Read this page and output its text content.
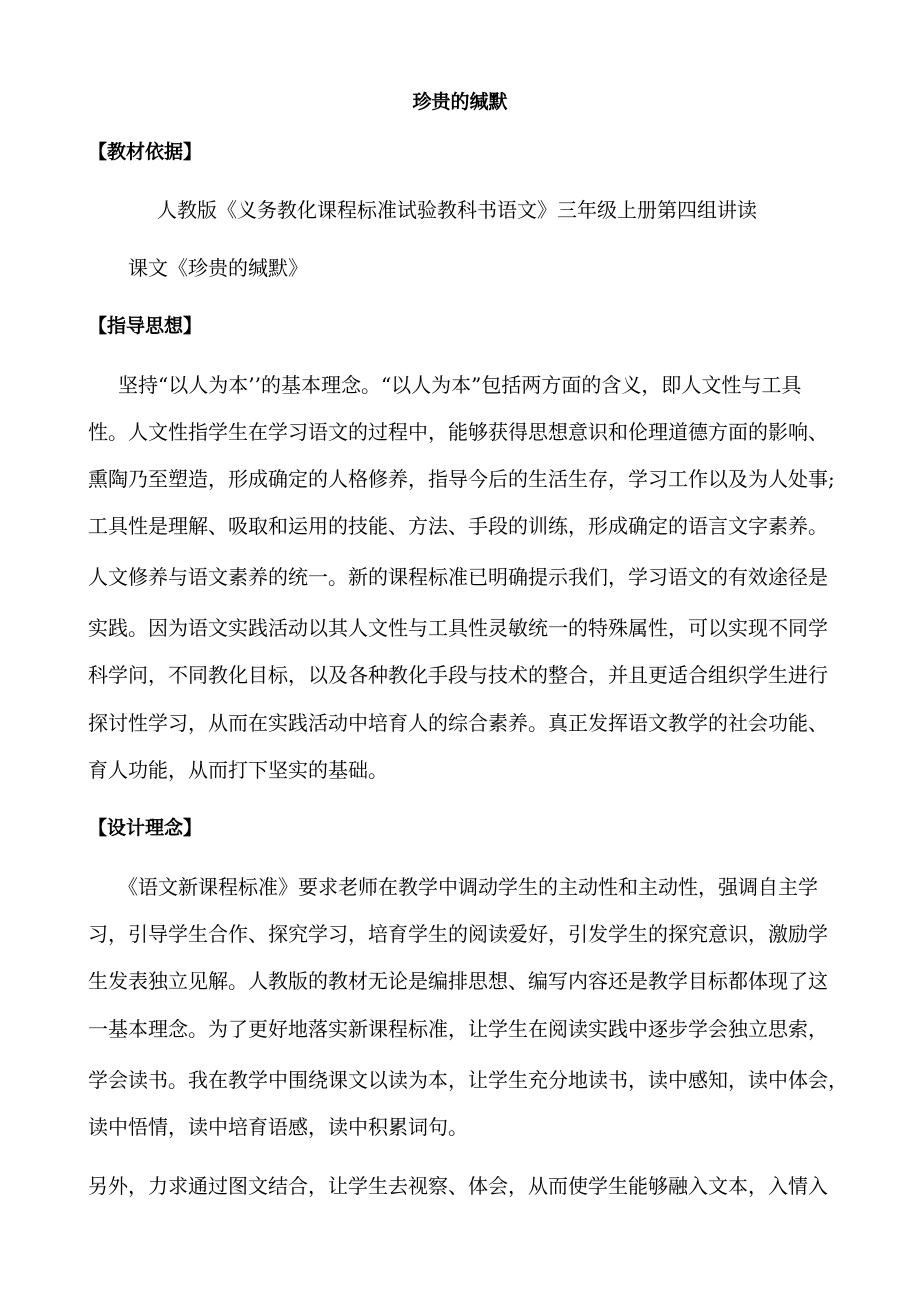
珍贵的缄默
【教材依据】

人教版《义务教化课程标准试验教科书语文》三年级上册第四组讲读

课文《珍贵的缄默》

【指导思想】

坚持“以人为本’’的基本理念。“以人为本”包括两方面的含义，即人文性与工具

性。人文性指学生在学习语文的过程中，能够获得思想意识和伦理道德方面的影响、

熏陶乃至塑造，形成确定的人格修养，指导今后的生活生存，学习工作以及为人处事;

工具性是理解、吸取和运用的技能、方法、手段的训练，形成确定的语言文字素养。

人文修养与语文素养的统一。新的课程标准已明确提示我们，学习语文的有效途径是

实践。因为语文实践活动以其人文性与工具性灵敏统一的特殊属性，可以实现不同学

科学问，不同教化目标，以及各种教化手段与技术的整合，并且更适合组织学生进行

探讨性学习，从而在实践活动中培育人的综合素养。真正发挥语文教学的社会功能、

育人功能，从而打下坚实的基础。

【设计理念】

《语文新课程标准》要求老师在教学中调动学生的主动性和主动性，强调自主学

习，引导学生合作、探究学习，培育学生的阅读爱好，引发学生的探究意识，激励学

生发表独立见解。人教版的教材无论是编排思想、编写内容还是教学目标都体现了这

一基本理念。为了更好地落实新课程标准，让学生在阅读实践中逐步学会独立思索，

学会读书。我在教学中围绕课文以读为本，让学生充分地读书，读中感知，读中体会，

读中悟情，读中培育语感，读中积累词句。

另外，力求通过图文结合，让学生去视察、体会，从而使学生能够融入文本，入情入
